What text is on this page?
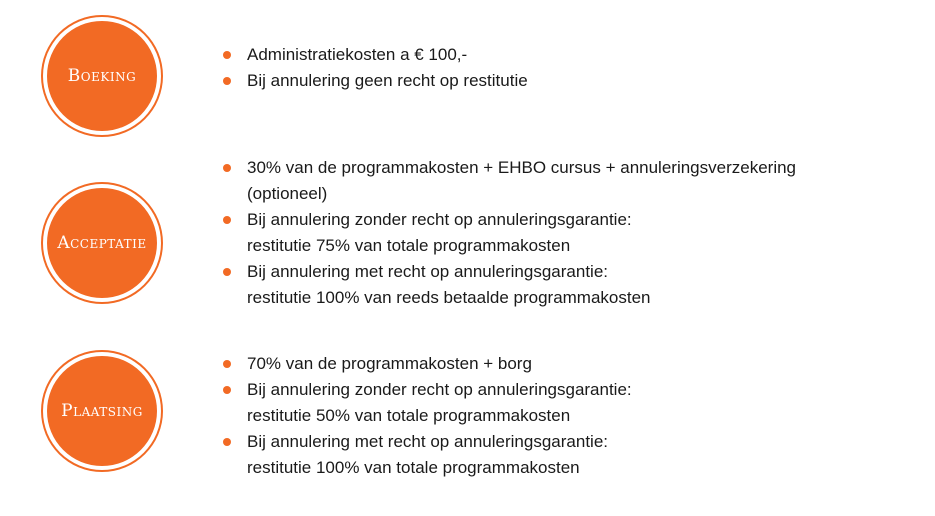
Boeking
Administratiekosten a € 100,-
Bij annulering geen recht op restitutie
Acceptatie
30% van de programmakosten + EHBO cursus + annuleringsverzekering
(optioneel)
Bij annulering zonder recht op annuleringsgarantie:
restitutie 75% van totale programmakosten
Bij annulering met recht op annuleringsgarantie:
restitutie 100% van reeds betaalde programmakosten
Plaatsing
70% van de programmakosten + borg
Bij annulering zonder recht op annuleringsgarantie:
restitutie 50% van totale programmakosten
Bij annulering met recht op annuleringsgarantie:
restitutie 100% van totale programmakosten
